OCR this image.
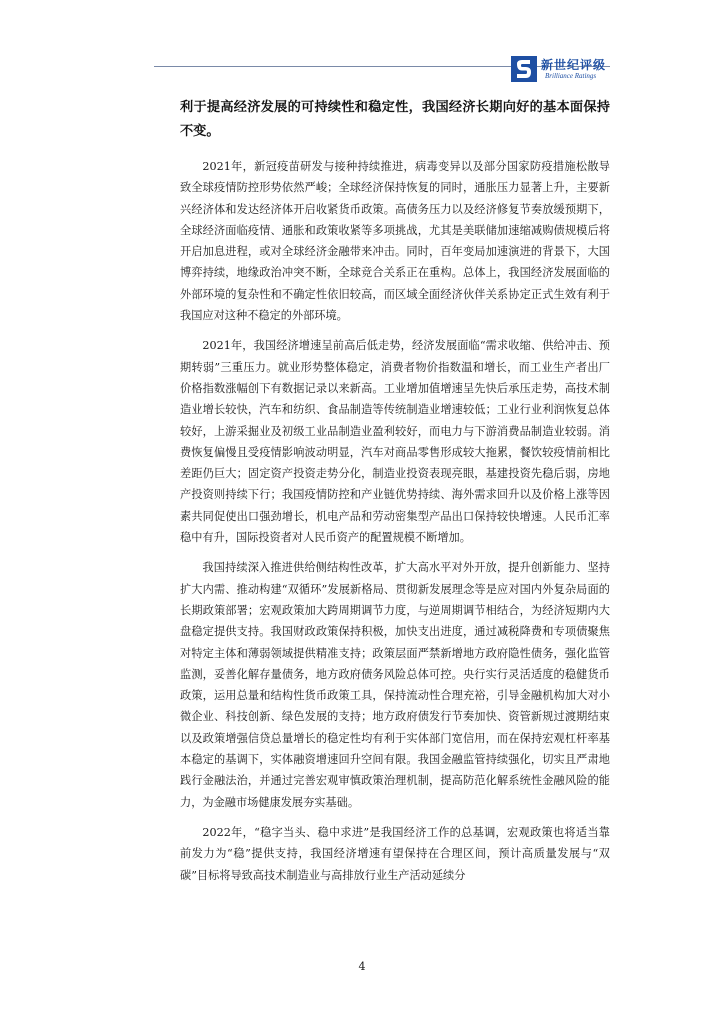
新世纪评级
Brilliance Ratings

利于提高经济发展的可持续性和稳定性，我国经济长期向好的基本面保持不变。

2021年，新冠疫苗研发与接种持续推进，病毒变异以及部分国家防疫措施松散导致全球疫情防控形势依然严峻；全球经济保持恢复的同时，通胀压力显著上升，主要新兴经济体和发达经济体开启收紧货币政策。高债务压力以及经济修复节奏放缓预期下，全球经济面临疫情、通胀和政策收紧等多项挑战，尤其是美联储加速缩减购债规模后将开启加息进程，或对全球经济金融带来冲击。同时，百年变局加速演进的背景下，大国博弈持续，地缘政治冲突不断，全球竞合关系正在重构。总体上，我国经济发展面临的外部环境的复杂性和不确定性依旧较高，而区域全面经济伙伴关系协定正式生效有利于我国应对这种不稳定的外部环境。

2021年，我国经济增速呈前高后低走势，经济发展面临“需求收缩、供给冲击、预期转弱”三重压力。就业形势整体稳定，消费者物价指数温和增长，而工业生产者出厂价格指数涨幅创下有数据记录以来新高。工业增加值增速呈先快后承压走势，高技术制造业增长较快，汽车和纺织、食品制造等传统制造业增速较低；工业行业利润恢复总体较好，上游采掘业及初级工业品制造业盈利较好，而电力与下游消费品制造业较弱。消费恢复偏慢且受疫情影响波动明显，汽车对商品零售形成较大拖累，餐饮较疫情前相比差距仍巨大；固定资产投资走势分化，制造业投资表现亮眼，基建投资先稳后弱，房地产投资则持续下行；我国疫情防控和产业链优势持续、海外需求回升以及价格上涨等因素共同促使出口强劲增长，机电产品和劳动密集型产品出口保持较快增速。人民币汇率稳中有升，国际投资者对人民币资产的配置规模不断增加。

我国持续深入推进供给侧结构性改革，扩大高水平对外开放，提升创新能力、坚持扩大内需、推动构建“双循环”发展新格局、贯彻新发展理念等是应对国内外复杂局面的长期政策部署；宏观政策加大跨周期调节力度，与逆周期调节相结合，为经济短期内大盘稳定提供支持。我国财政政策保持积极，加快支出进度，通过减税降费和专项债聚焦对特定主体和薄弱领域提供精准支持；政策层面严禁新增地方政府隐性债务，强化监管监测，妥善化解存量债务，地方政府债务风险总体可控。央行实行灵活适度的稳健货币政策，运用总量和结构性货币政策工具，保持流动性合理充裕，引导金融机构加大对小微企业、科技创新、绿色发展的支持；地方政府债发行节奏加快、资管新规过渡期结束以及政策增强信贷总量增长的稳定性均有利于实体部门宽信用，而在保持宏观杠杆率基本稳定的基调下，实体融资增速回升空间有限。我国金融监管持续强化，切实且严肃地践行金融法治，并通过完善宏观审慎政策治理机制，提高防范化解系统性金融风险的能力，为金融市场健康发展夯实基础。

2022年，“稳字当头、稳中求进”是我国经济工作的总基调，宏观政策也将适当靠前发力为“稳”提供支持，我国经济增速有望保持在合理区间，预计高质量发展与“双碳”目标将导致高技术制造业与高排放行业生产活动延续分

4
